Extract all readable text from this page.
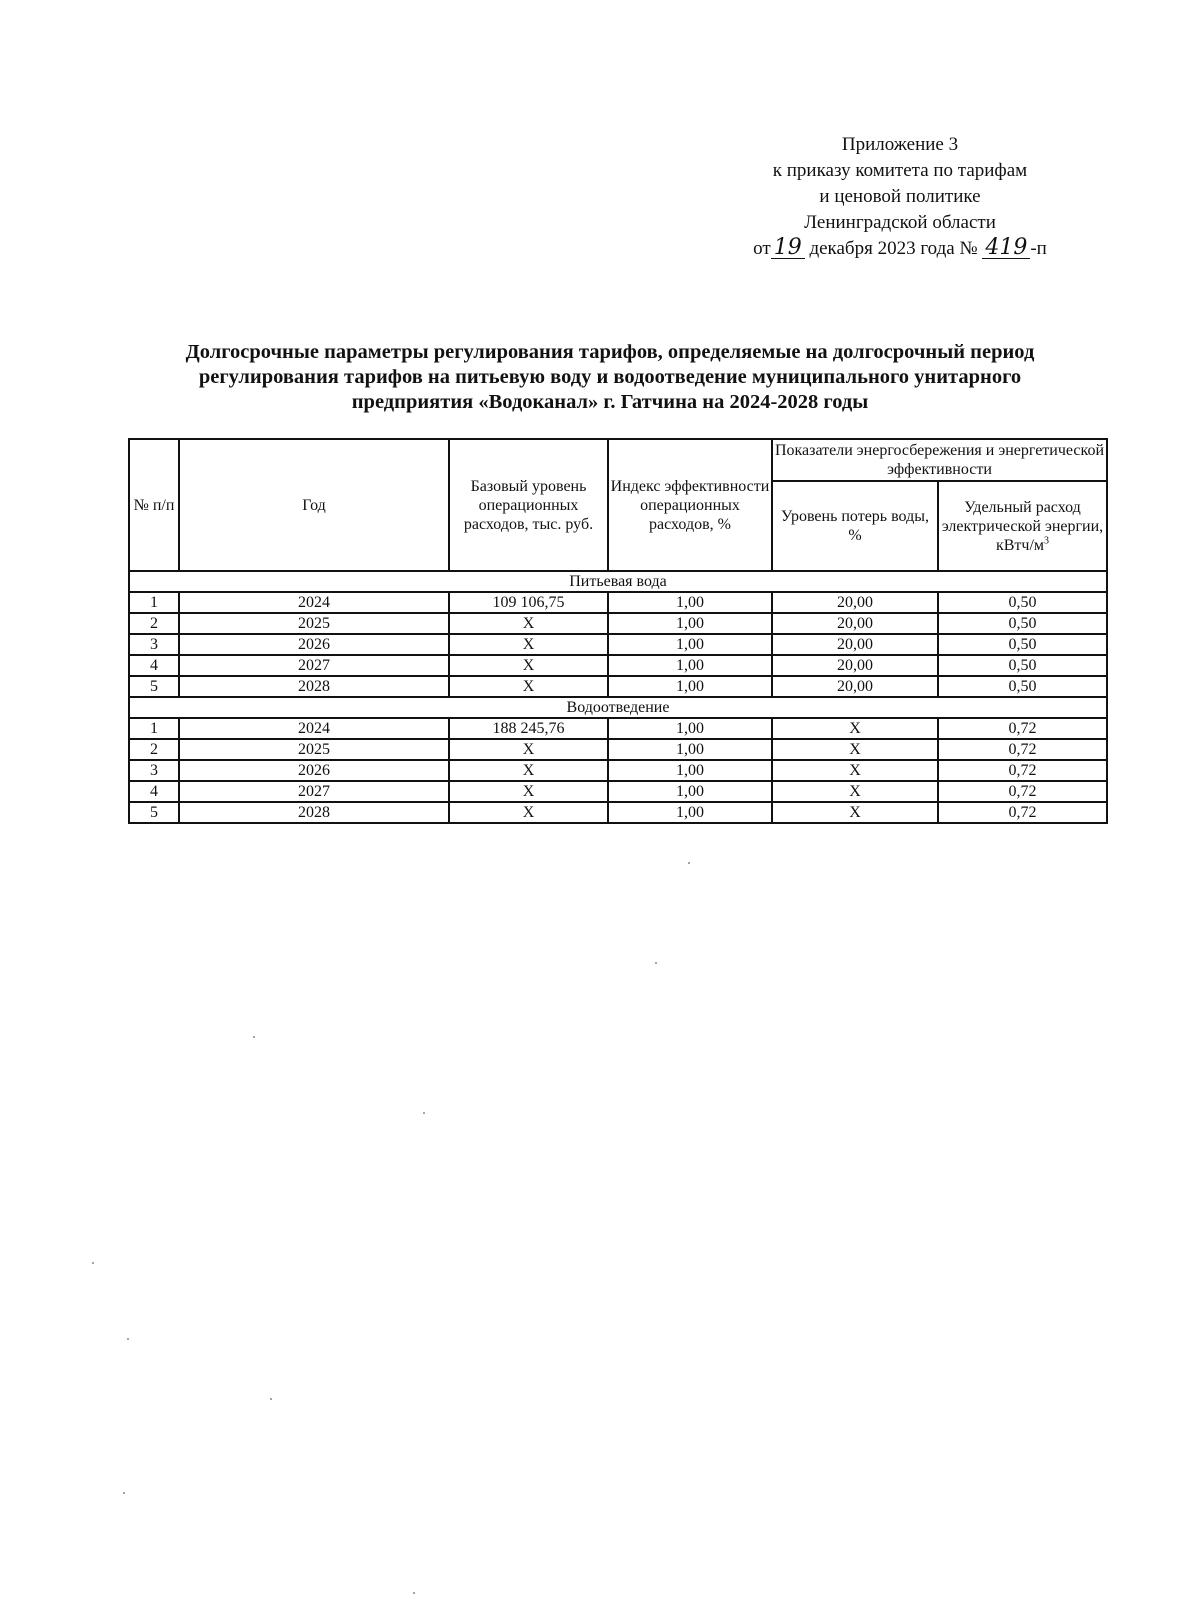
Приложение 3
к приказу комитета по тарифам
и ценовой политике
Ленинградской области
от 19 декабря 2023 года № 419 -п
Долгосрочные параметры регулирования тарифов, определяемые на долгосрочный период
регулирования тарифов на питьевую воду и водоотведение муниципального унитарного
предприятия «Водоканал» г. Гатчина на 2024-2028 годы
№ п/п	Год	Базовый уровень операционных расходов, тыс. руб.	Индекс эффективности операционных расходов, %	Показатели энергосбережения и энергетической эффективности	
				Уровень потерь воды, %	Удельный расход электрической энергии, кВтч/$м^3$
Питьевая вода					
1	2024	109 106,75	1,00	20,00	0,50
2	2025	Х	1,00	20,00	0,50
3	2026	Х	1,00	20,00	0,50
4	2027	Х	1,00	20,00	0,50
5	2028	Х	1,00	20,00	0,50
Водоотведение					
1	2024	188 245,76	1,00	Х	0,72
2	2025	Х	1,00	Х	0,72
3	2026	Х	1,00	Х	0,72
4	2027	Х	1,00	Х	0,72
5	2028	Х	1,00	Х	0,72
